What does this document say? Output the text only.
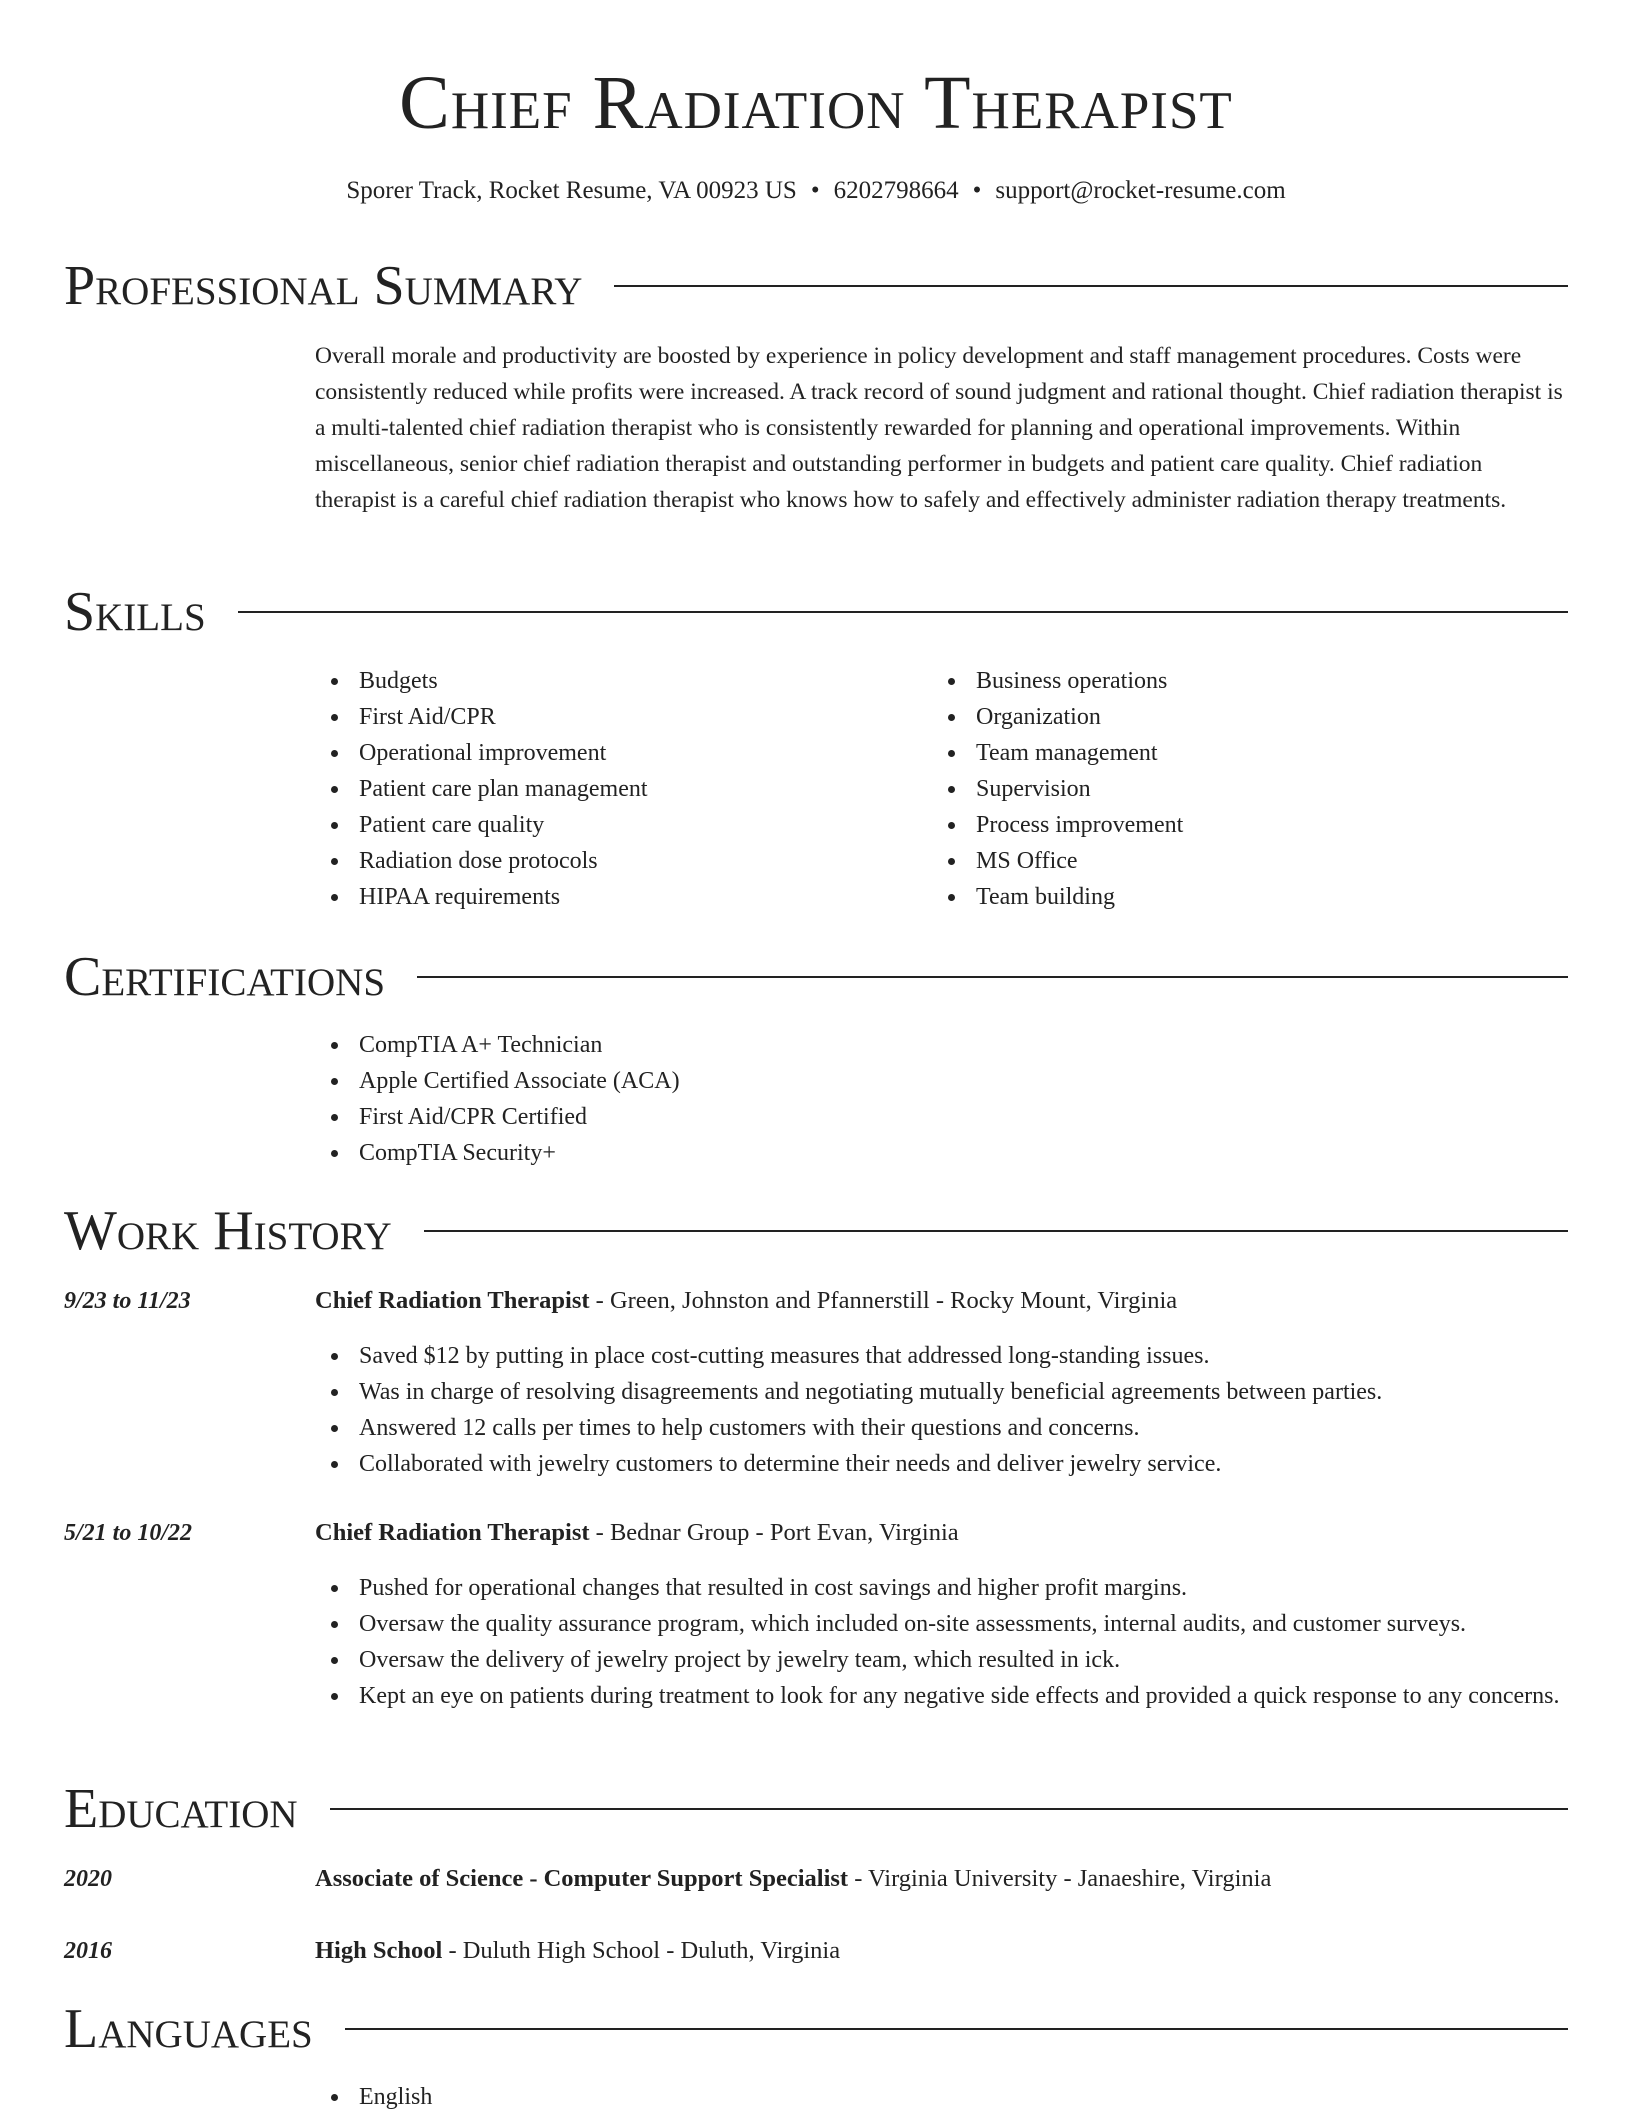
Chief Radiation Therapist
Sporer Track, Rocket Resume, VA 00923 US • 6202798664 • support@rocket-resume.com
Professional Summary
Overall morale and productivity are boosted by experience in policy development and staff management procedures. Costs were consistently reduced while profits were increased. A track record of sound judgment and rational thought. Chief radiation therapist is a multi-talented chief radiation therapist who is consistently rewarded for planning and operational improvements. Within miscellaneous, senior chief radiation therapist and outstanding performer in budgets and patient care quality. Chief radiation therapist is a careful chief radiation therapist who knows how to safely and effectively administer radiation therapy treatments.
Skills
Budgets
First Aid/CPR
Operational improvement
Patient care plan management
Patient care quality
Radiation dose protocols
HIPAA requirements
Business operations
Organization
Team management
Supervision
Process improvement
MS Office
Team building
Certifications
CompTIA A+ Technician
Apple Certified Associate (ACA)
First Aid/CPR Certified
CompTIA Security+
Work History
9/23 to 11/23	Chief Radiation Therapist - Green, Johnston and Pfannerstill - Rocky Mount, Virginia
Saved $12 by putting in place cost-cutting measures that addressed long-standing issues.
Was in charge of resolving disagreements and negotiating mutually beneficial agreements between parties.
Answered 12 calls per times to help customers with their questions and concerns.
Collaborated with jewelry customers to determine their needs and deliver jewelry service.
5/21 to 10/22	Chief Radiation Therapist - Bednar Group - Port Evan, Virginia
Pushed for operational changes that resulted in cost savings and higher profit margins.
Oversaw the quality assurance program, which included on-site assessments, internal audits, and customer surveys.
Oversaw the delivery of jewelry project by jewelry team, which resulted in ick.
Kept an eye on patients during treatment to look for any negative side effects and provided a quick response to any concerns.
Education
2020	Associate of Science - Computer Support Specialist - Virginia University - Janaeshire, Virginia
2016	High School - Duluth High School - Duluth, Virginia
Languages
English
